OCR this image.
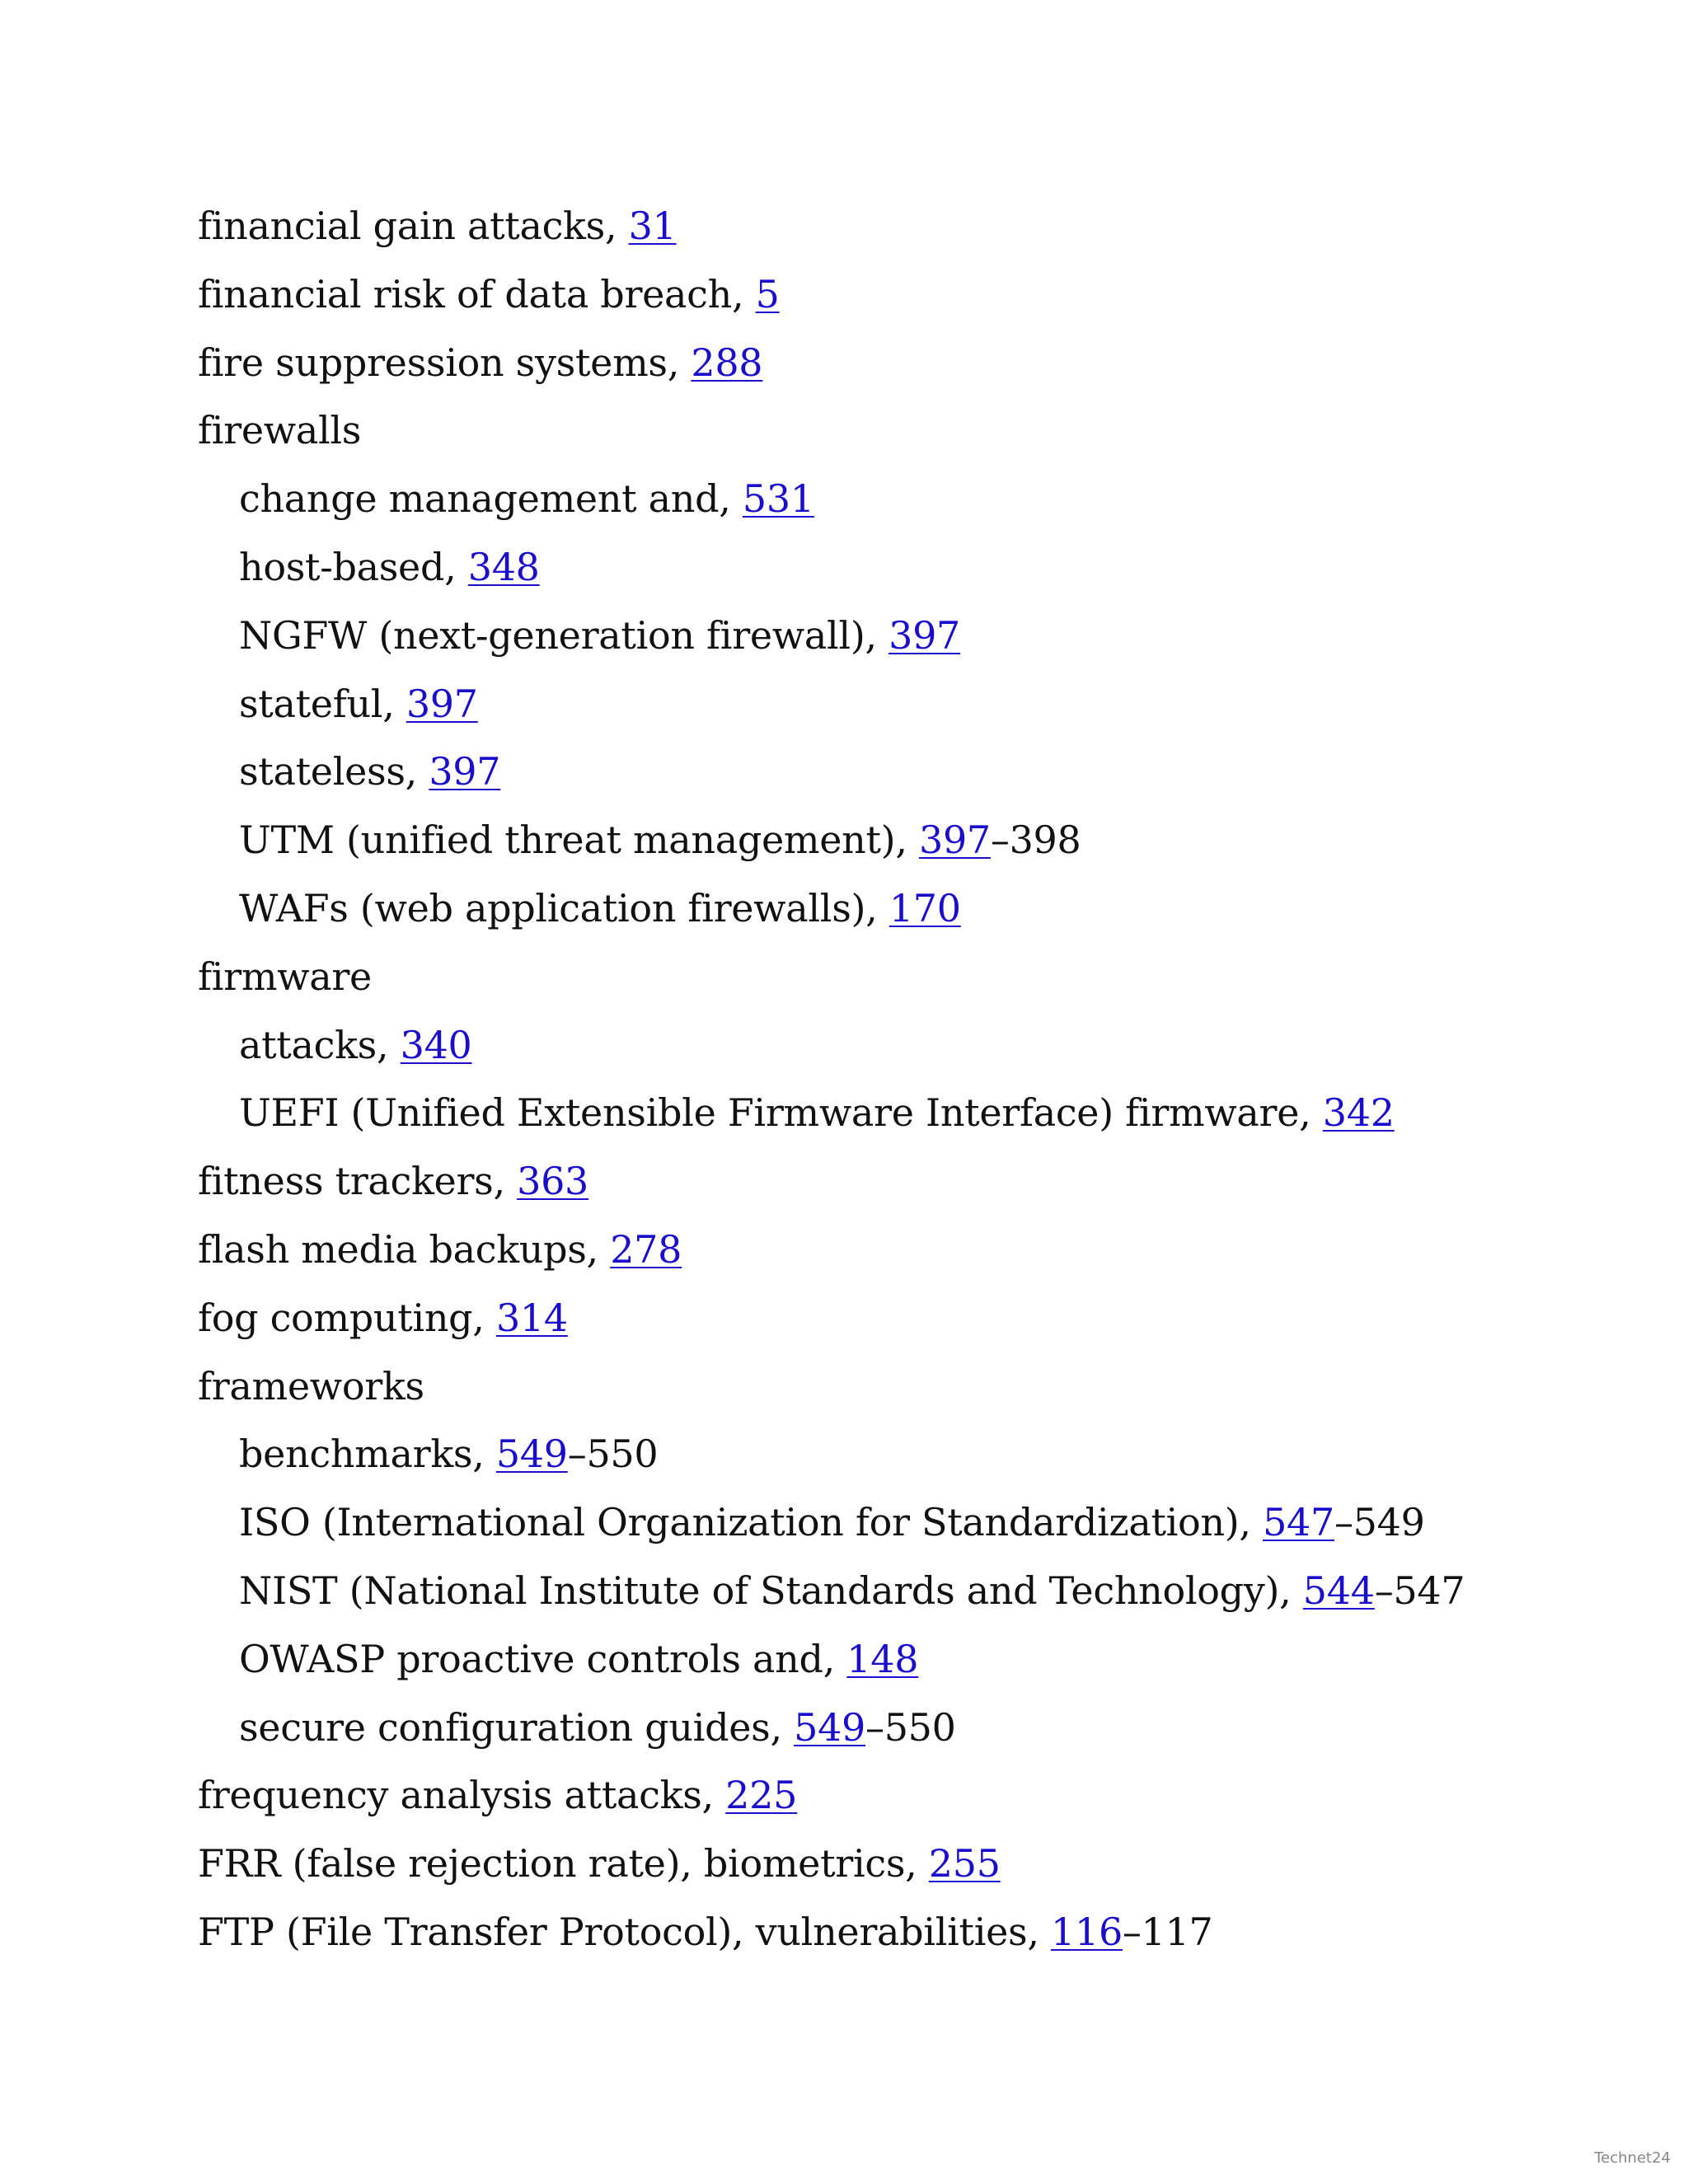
financial gain attacks, 31
financial risk of data breach, 5
fire suppression systems, 288
firewalls
change management and, 531
host-based, 348
NGFW (next-generation firewall), 397
stateful, 397
stateless, 397
UTM (unified threat management), 397–398
WAFs (web application firewalls), 170
firmware
attacks, 340
UEFI (Unified Extensible Firmware Interface) firmware, 342
fitness trackers, 363
flash media backups, 278
fog computing, 314
frameworks
benchmarks, 549–550
ISO (International Organization for Standardization), 547–549
NIST (National Institute of Standards and Technology), 544–547
OWASP proactive controls and, 148
secure configuration guides, 549–550
frequency analysis attacks, 225
FRR (false rejection rate), biometrics, 255
FTP (File Transfer Protocol), vulnerabilities, 116–117
Technet24
